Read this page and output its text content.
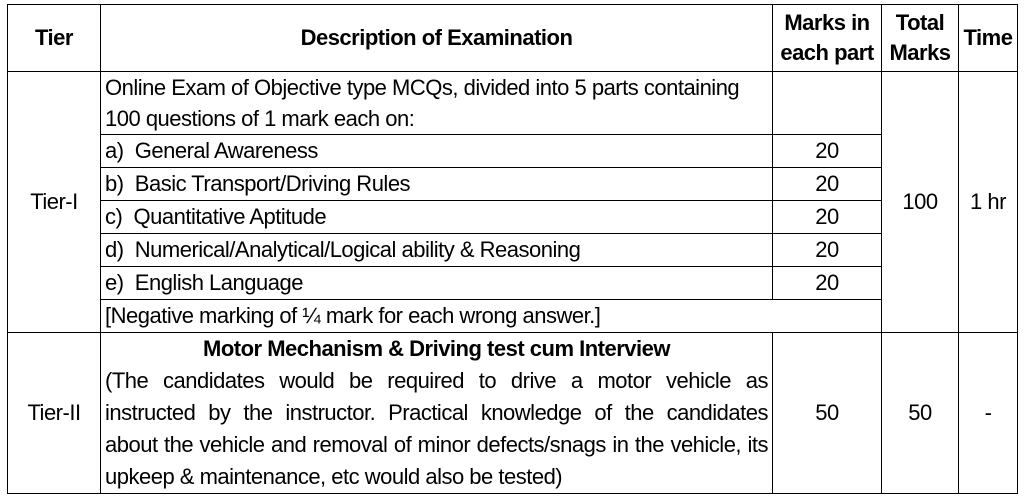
Tier	Description of Examination	Marks in each part	Total Marks	Time
Tier-I	Online Exam of Objective type MCQs, divided into 5 parts containing 100 questions of 1 mark each on:		100	1 hr
	a)  General Awareness	20		
	b)  Basic Transport/Driving Rules	20		
	c)  Quantitative Aptitude	20		
	d)  Numerical/Analytical/Logical ability & Reasoning	20		
	e)  English Language	20		
	[Negative marking of ¼ mark for each wrong answer.]			
Tier-II	Motor Mechanism & Driving test cum Interview
(The candidates would be required to drive a motor vehicle as instructed by the instructor. Practical knowledge of the candidates about the vehicle and removal of minor defects/snags in the vehicle, its upkeep & maintenance, etc would also be tested)	50	50	-
